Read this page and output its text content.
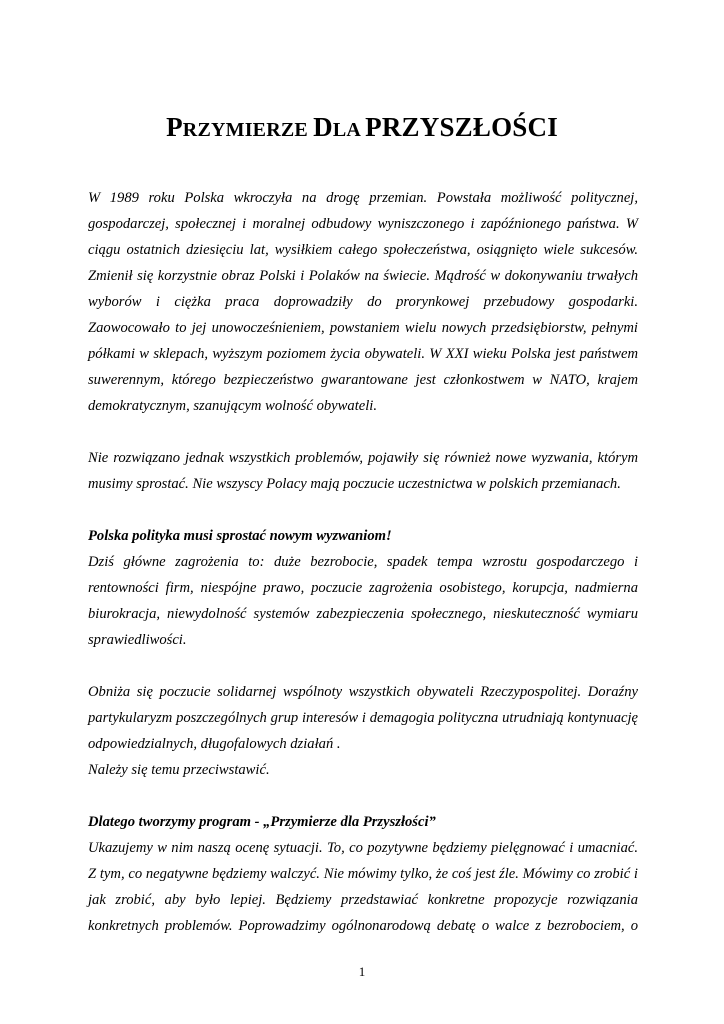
PRZYMIERZE DLA PRZYSZŁOŚCI
W 1989 roku Polska wkroczyła na drogę przemian. Powstała możliwość politycznej,
gospodarczej, społecznej i moralnej odbudowy wyniszczonego i zapóźnionego państwa. W
ciągu ostatnich dziesięciu lat, wysiłkiem całego społeczeństwa, osiągnięto wiele sukcesów.
Zmienił się korzystnie obraz Polski i Polaków na świecie. Mądrość w dokonywaniu trwałych
wyborów i ciężka praca doprowadziły do prorynkowej przebudowy gospodarki.
Zaowocowało to jej unowocześnieniem, powstaniem wielu nowych przedsiębiorstw, pełnymi
półkami w sklepach, wyższym poziomem życia obywateli. W XXI wieku Polska jest państwem
suwerennym, którego bezpieczeństwo gwarantowane jest członkostwem w NATO, krajem
demokratycznym, szanującym wolność obywateli.
Nie rozwiązano jednak wszystkich problemów, pojawiły się również nowe wyzwania, którym
musimy sprostać. Nie wszyscy Polacy mają poczucie uczestnictwa w polskich przemianach.
Polska polityka musi sprostać nowym wyzwaniom!
Dziś główne zagrożenia to: duże bezrobocie, spadek tempa wzrostu gospodarczego i
rentowności firm, niespójne prawo, poczucie zagrożenia osobistego, korupcja, nadmierna
biurokracja, niewydolność systemów zabezpieczenia społecznego, nieskuteczność wymiaru
sprawiedliwości.
Obniża się poczucie solidarnej wspólnoty wszystkich obywateli Rzeczypospolitej. Doraźny
partykularyzm poszczególnych grup interesów i demagogia polityczna utrudniają kontynuację
odpowiedzialnych, długofalowych działań .
Należy się temu przeciwstawić.
Dlatego tworzymy program - „Przymierze dla Przyszłości”
Ukazujemy w nim naszą ocenę sytuacji. To, co pozytywne będziemy pielęgnować i umacniać.
Z tym, co negatywne będziemy walczyć. Nie mówimy tylko, że coś jest źle. Mówimy co zrobić i
jak zrobić, aby było lepiej. Będziemy przedstawiać konkretne propozycje rozwiązania
konkretnych problemów. Poprowadzimy ogólnonarodową debatę o walce z bezrobociem, o
1
